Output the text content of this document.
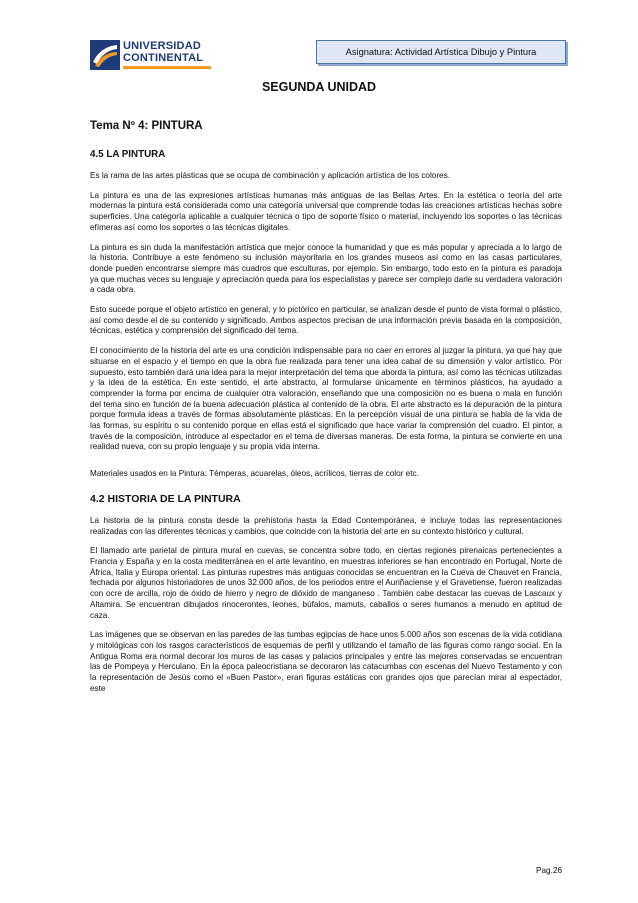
UNIVERSIDAD
CONTINENTAL	Asignatura: Actividad Artística Dibujo y Pintura
SEGUNDA UNIDAD
Tema Nº 4: PINTURA
4.5 LA PINTURA

Es la rama de las artes plásticas que se ocupa de combinación y aplicación artística de los colores.

La pintura es una de las expresiones artísticas humanas más antiguas de las Bellas Artes. En la estética o teoría del arte modernas la pintura está considerada como una categoría universal que comprende todas las creaciones artísticas hechas sobre superficies. Una categoría aplicable a cualquier técnica o tipo de soporte físico o material, incluyendo los soportes o las técnicas efímeras así como los soportes o las técnicas digitales.

La pintura es sin duda la manifestación artística que mejor conoce la humanidad y que es más popular y apreciada a lo largo de la historia. Contribuye a este fenómeno su inclusión mayoritaria en los grandes museos así como en las casas particulares, donde pueden encontrarse siempre más cuadros que esculturas, por ejemplo. Sin embargo, todo esto en la pintura es paradoja ya que muchas veces su lenguaje y apreciación queda para los especialistas y parece ser complejo darle su verdadera valoración a cada obra.

Esto sucede porque el objeto artístico en general, y lo pictórico en particular, se analizan desde el punto de vista formal o plástico, así como desde el de su contenido y significado. Ambos aspectos precisan de una información previa basada en la composición, técnicas, estética y comprensión del significado del tema.

El conocimiento de la historia del arte es una condición indispensable para no caer en errores al juzgar la pintura, ya que hay que situarse en el espacio y el tiempo en que la obra fue realizada para tener una idea cabal de su dimensión y valor artístico. Por supuesto, esto también dará una idea para la mejor interpretación del tema que aborda la pintura, así como las técnicas utilizadas y la idea de la estética. En este sentido, el arte abstracto, al formularse únicamente en términos plásticos, ha ayudado a comprender la forma por encima de cualquier otra valoración, enseñando que una composición no es buena o mala en función del tema sino en función de la buena adecuación plástica al contenido de la obra. El arte abstracto es la depuración de la pintura porque formula ideas a través de formas absolutamente plásticas. En la percepción visual de una pintura se habla de la vida de las formas, su espíritu o su contenido porque en ellas está el significado que hace variar la comprensión del cuadro. El pintor, a través de la composición, introduce al espectador en el tema de diversas maneras. De esta forma, la pintura se convierte en una realidad nueva, con su propio lenguaje y su propia vida interna.

Materiales usados en la Pintura: Témperas, acuarelas, óleos, acrílicos, tierras de color etc.

4.2 HISTORIA DE LA PINTURA

La historia de la pintura consta desde la prehistoria hasta la Edad Contemporánea, e incluye todas las representaciones realizadas con las diferentes técnicas y cambios, que coincide con la historia del arte en su contexto histórico y cultural.

El llamado arte parietal de pintura mural en cuevas, se concentra sobre todo, en ciertas regiones pirenaicas pertenecientes a Francia y España y en la costa mediterránea en el arte levantino, en muestras inferiores se han encontrado en Portugal, Norte de África, Italia y Europa oriental. Las pinturas rupestres más antiguas conocidas se encuentran en la Cueva de Chauvet en Francia, fechada por algunos historiadores de unos 32.000 años, de los periodos entre el Auriñaciense y el Gravetiense, fueron realizadas con ocre de arcilla, rojo de óxido de hierro y negro de dióxido de manganeso . También cabe destacar las cuevas de Lascaux y Altamira. Se encuentran dibujados rinocerontes, leones, búfalos, mamuts, caballos o seres humanos a menudo en aptitud de caza.

Las imágenes que se observan en las paredes de las tumbas egipcias de hace unos 5.000 años son escenas de la vida cotidiana y mitológicas con los rasgos característicos de esquemas de perfil y utilizando el tamaño de las figuras como rango social. En la Antigua Roma era normal decorar los muros de las casas y palacios principales y entre las mejores conservadas se encuentran las de Pompeya y Herculano. En la época paleocristiana se decoraron las catacumbas con escenas del Nuevo Testamento y con la representación de Jesús como el «Buen Pastor», eran figuras estáticas con grandes ojos que parecían mirar al espectador, este

Pag.26
